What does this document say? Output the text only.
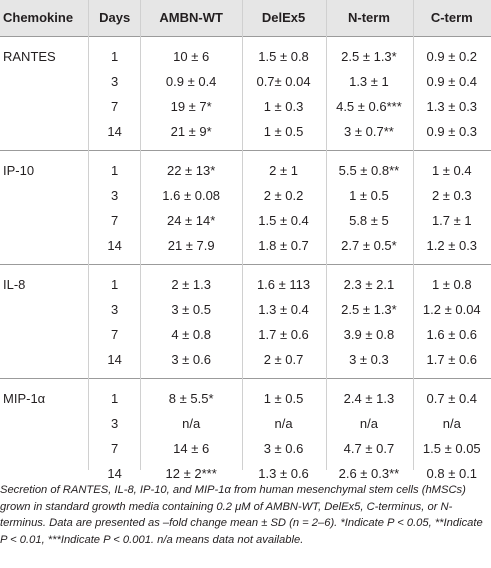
Chemokine	Days	AMBN-WT	DelEx5	N-term	C-term
RANTES	1	10 ± 6	1.5 ± 0.8	2.5 ± 1.3*	0.9 ± 0.2
	3	0.9 ± 0.4	0.7± 0.04	1.3 ± 1	0.9 ± 0.4
	7	19 ± 7*	1 ± 0.3	4.5 ± 0.6***	1.3 ± 0.3
	14	21 ± 9*	1 ± 0.5	3 ± 0.7**	0.9 ± 0.3
IP-10	1	22 ± 13*	2 ± 1	5.5 ± 0.8**	1 ± 0.4
	3	1.6 ± 0.08	2 ± 0.2	1 ± 0.5	2 ± 0.3
	7	24 ± 14*	1.5 ± 0.4	5.8 ± 5	1.7 ± 1
	14	21 ± 7.9	1.8 ± 0.7	2.7 ± 0.5*	1.2 ± 0.3
IL-8	1	2 ± 1.3	1.6 ± 113	2.3 ± 2.1	1 ± 0.8
	3	3 ± 0.5	1.3 ± 0.4	2.5 ± 1.3*	1.2 ± 0.04
	7	4 ± 0.8	1.7 ± 0.6	3.9 ± 0.8	1.6 ± 0.6
	14	3 ± 0.6	2 ± 0.7	3 ± 0.3	1.7 ± 0.6
MIP-1α	1	8 ± 5.5*	1 ± 0.5	2.4 ± 1.3	0.7 ± 0.4
	3	n/a	n/a	n/a	n/a
	7	14 ± 6	3 ± 0.6	4.7 ± 0.7	1.5 ± 0.05
	14	12 ± 2***	1.3 ± 0.6	2.6 ± 0.3**	0.8 ± 0.1
Secretion of RANTES, IL-8, IP-10, and MIP-1α from human mesenchymal stem cells (hMSCs) grown in standard growth media containing 0.2 μM of AMBN-WT, DelEx5, C-terminus, or N-terminus. Data are presented as –fold change mean ± SD (n = 2–6). *Indicate P < 0.05, **Indicate P < 0.01, ***Indicate P < 0.001. n/a means data not available.
